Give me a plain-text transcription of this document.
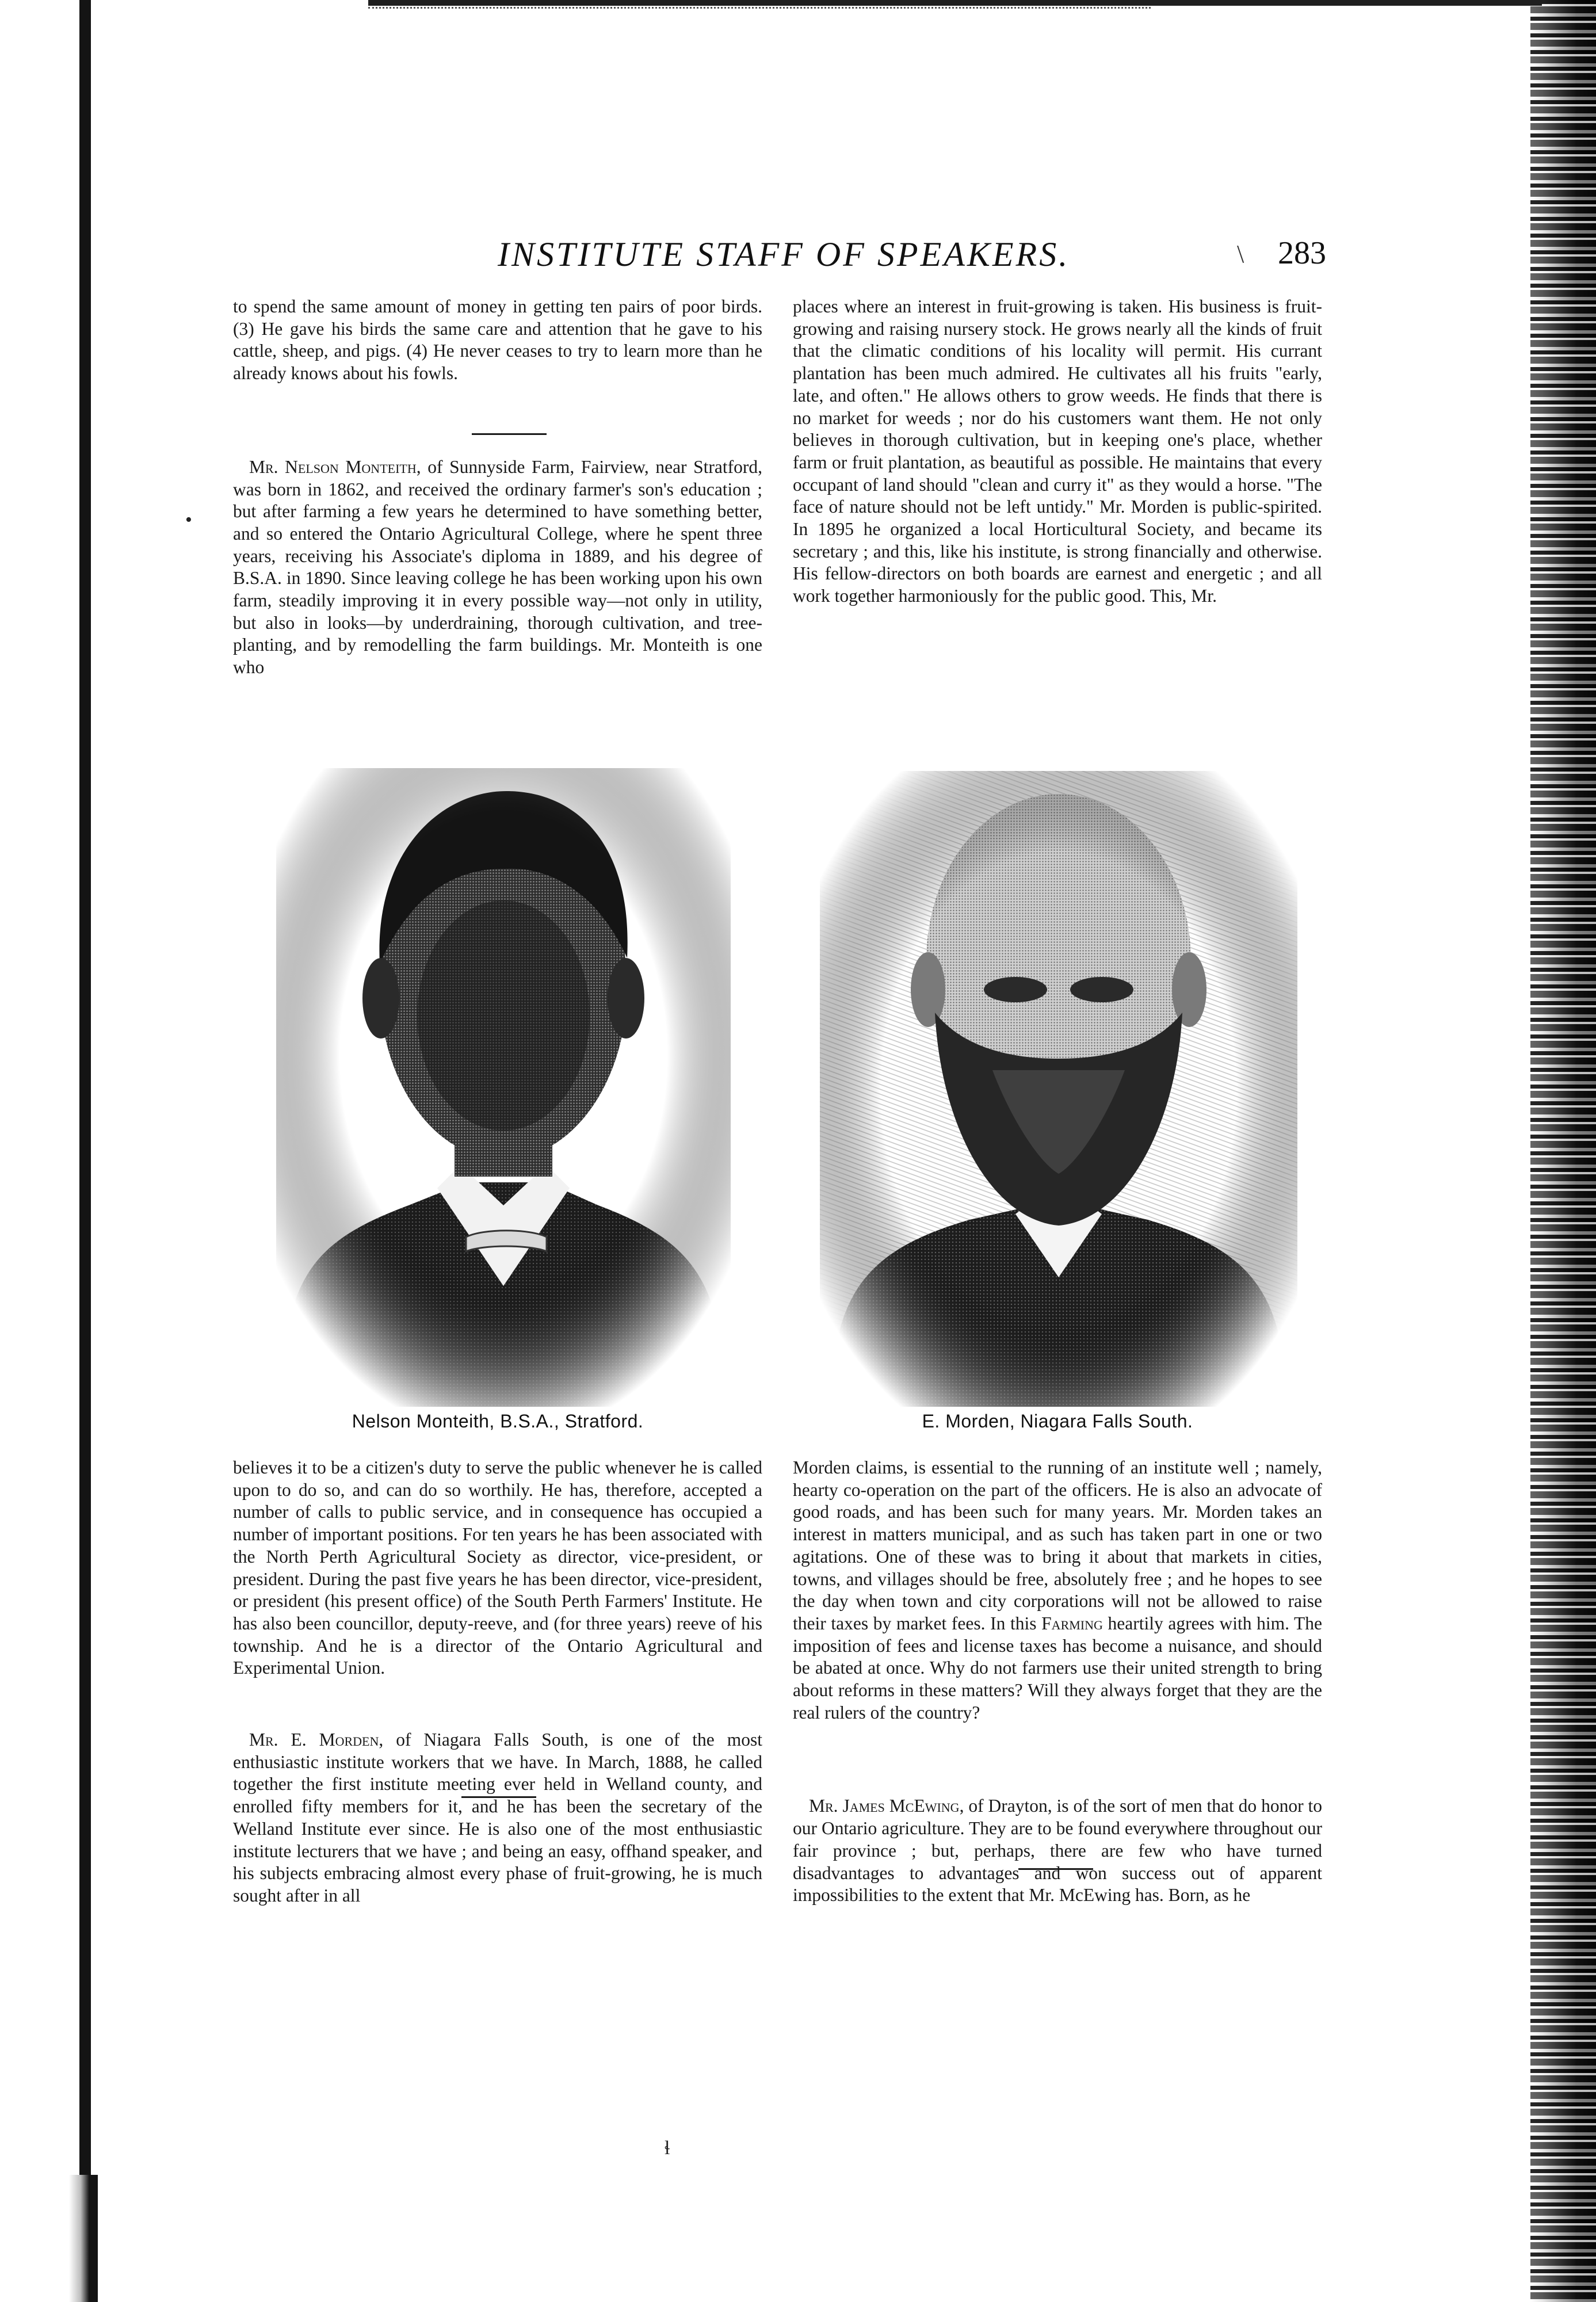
INSTITUTE STAFF OF SPEAKERS.	\ 283

to spend the same amount of money in getting ten pairs of poor birds. (3) He gave his birds the same care and attention that he gave to his cattle, sheep, and pigs. (4) He never ceases to try to learn more than he already knows about his fowls.

Mr. Nelson Monteith, of Sunnyside Farm, Fairview, near Stratford, was born in 1862, and received the ordinary farmer's son's education ; but after farming a few years he determined to have something better, and so entered the Ontario Agricultural College, where he spent three years, receiving his Associate's diploma in 1889, and his degree of B.S.A. in 1890. Since leaving college he has been working upon his own farm, steadily improving it in every possible way—not only in utility, but also in looks—by underdraining, thorough cultivation, and tree-planting, and by remodelling the farm buildings. Mr. Monteith is one who

places where an interest in fruit-growing is taken. His business is fruit-growing and raising nursery stock. He grows nearly all the kinds of fruit that the climatic conditions of his locality will permit. His currant plantation has been much admired. He cultivates all his fruits "early, late, and often." He allows others to grow weeds. He finds that there is no market for weeds ; nor do his customers want them. He not only believes in thorough cultivation, but in keeping one's place, whether farm or fruit plantation, as beautiful as possible. He maintains that every occupant of land should "clean and curry it" as they would a horse. "The face of nature should not be left untidy." Mr. Morden is public-spirited. In 1895 he organized a local Horticultural Society, and became its secretary ; and this, like his institute, is strong financially and otherwise. His fellow-directors on both boards are earnest and energetic ; and all work together harmoniously for the public good. This, Mr.

•
Nelson Monteith, B.S.A., Stratford.	E. Morden, Niagara Falls South.

believes it to be a citizen's duty to serve the public whenever he is called upon to do so, and can do so worthily. He has, therefore, accepted a number of calls to public service, and in consequence has occupied a number of important positions. For ten years he has been associated with the North Perth Agricultural Society as director, vice-president, or president. During the past five years he has been director, vice-president, or president (his present office) of the South Perth Farmers' Institute. He has also been councillor, deputy-reeve, and (for three years) reeve of his township. And he is a director of the Ontario Agricultural and Experimental Union.

Mr. E. Morden, of Niagara Falls South, is one of the most enthusiastic institute workers that we have. In March, 1888, he called together the first institute meeting ever held in Welland county, and enrolled fifty members for it, and he has been the secretary of the Welland Institute ever since. He is also one of the most enthusiastic institute lecturers that we have ; and being an easy, offhand speaker, and his subjects embracing almost every phase of fruit-growing, he is much sought after in all

Morden claims, is essential to the running of an institute well ; namely, hearty co-operation on the part of the officers. He is also an advocate of good roads, and has been such for many years. Mr. Morden takes an interest in matters municipal, and as such has taken part in one or two agitations. One of these was to bring it about that markets in cities, towns, and villages should be free, absolutely free ; and he hopes to see the day when town and city corporations will not be allowed to raise their taxes by market fees. In this Farming heartily agrees with him. The imposition of fees and license taxes has become a nuisance, and should be abated at once. Why do not farmers use their united strength to bring about reforms in these matters? Will they always forget that they are the real rulers of the country?

Mr. James McEwing, of Drayton, is of the sort of men that do honor to our Ontario agriculture. They are to be found everywhere throughout our fair province ; but, perhaps, there are few who have turned disadvantages to advantages and won success out of apparent impossibilities to the extent that Mr. McEwing has. Born, as he

ɬ
